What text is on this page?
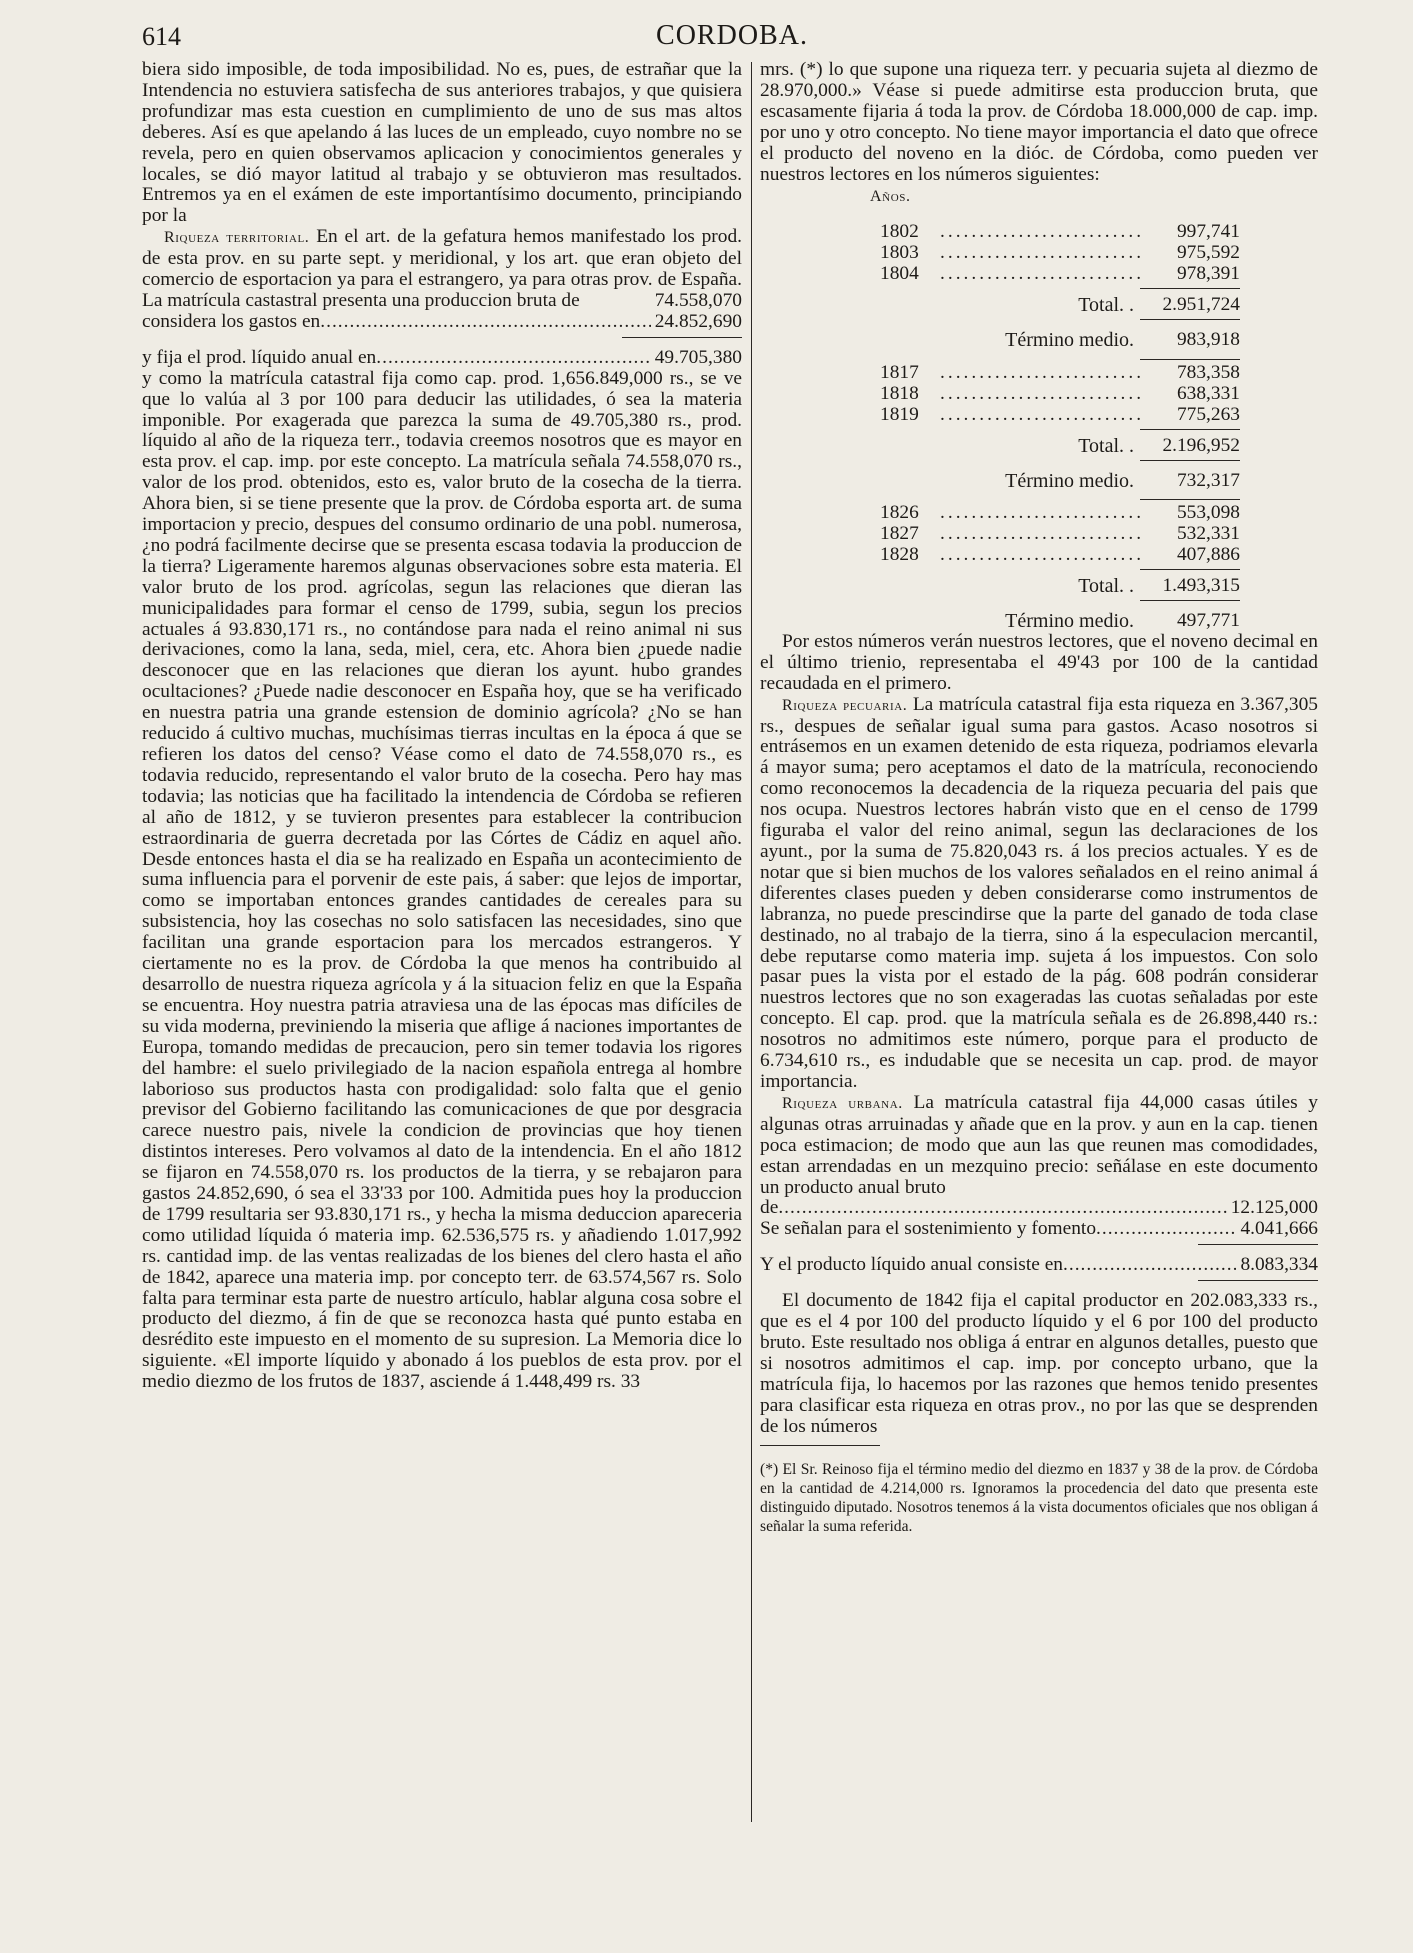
614	CORDOBA.

biera sido imposible, de toda imposibilidad. No es, pues, de estrañar que la Intendencia no estuviera satisfecha de sus anteriores trabajos, y que quisiera profundizar mas esta cuestion en cumplimiento de uno de sus mas altos deberes. Así es que apelando á las luces de un empleado, cuyo nombre no se revela, pero en quien observamos aplicacion y conocimientos generales y locales, se dió mayor latitud al trabajo y se obtuvieron mas resultados. Entremos ya en el exámen de este importantísimo documento, principiando por la

Riqueza territorial. En el art. de la gefatura hemos manifestado los prod. de esta prov. en su parte sept. y meridional, y los art. que eran objeto del comercio de esportacion ya para el estrangero, ya para otras prov. de España. La matrícula castastral presenta una produccion bruta de	74.558,070

considera los gastos en .....	24.852,690
y fija el prod. líquido anual en .....	49.705,380

y como la matrícula catastral fija como cap. prod. 1,656.849,000 rs., se ve que lo valúa al 3 por 100 para deducir las utilidades, ó sea la materia imponible. Por exagerada que parezca la suma de 49.705,380 rs., prod. líquido al año de la riqueza terr., todavia creemos nosotros que es mayor en esta prov. el cap. imp. por este concepto. La matrícula señala 74.558,070 rs., valor de los prod. obtenidos, esto es, valor bruto de la cosecha de la tierra. Ahora bien, si se tiene presente que la prov. de Córdoba esporta art. de suma importacion y precio, despues del consumo ordinario de una pobl. numerosa, ¿no podrá facilmente decirse que se presenta escasa todavia la produccion de la tierra? Ligeramente haremos algunas observaciones sobre esta materia. El valor bruto de los prod. agrícolas, segun las relaciones que dieran las municipalidades para formar el censo de 1799, subia, segun los precios actuales á 93.830,171 rs., no contándose para nada el reino animal ni sus derivaciones, como la lana, seda, miel, cera, etc. Ahora bien ¿puede nadie desconocer que en las relaciones que dieran los ayunt. hubo grandes ocultaciones? ¿Puede nadie desconocer en España hoy, que se ha verificado en nuestra patria una grande estension de dominio agrícola? ¿No se han reducido á cultivo muchas, muchísimas tierras incultas en la época á que se refieren los datos del censo? Véase como el dato de 74.558,070 rs., es todavia reducido, representando el valor bruto de la cosecha. Pero hay mas todavia; las noticias que ha facilitado la intendencia de Córdoba se refieren al año de 1812, y se tuvieron presentes para establecer la contribucion estraordinaria de guerra decretada por las Córtes de Cádiz en aquel año. Desde entonces hasta el dia se ha realizado en España un acontecimiento de suma influencia para el porvenir de este pais, á saber: que lejos de importar, como se importaban entonces grandes cantidades de cereales para su subsistencia, hoy las cosechas no solo satisfacen las necesidades, sino que facilitan una grande esportacion para los mercados estrangeros. Y ciertamente no es la prov. de Córdoba la que menos ha contribuido al desarrollo de nuestra riqueza agrícola y á la situacion feliz en que la España se encuentra. Hoy nuestra patria atraviesa una de las épocas mas difíciles de su vida moderna, previniendo la miseria que aflige á naciones importantes de Europa, tomando medidas de precaucion, pero sin temer todavia los rigores del hambre: el suelo privilegiado de la nacion española entrega al hombre laborioso sus productos hasta con prodigalidad: solo falta que el genio previsor del Gobierno facilitando las comunicaciones de que por desgracia carece nuestro pais, nivele la condicion de provincias que hoy tienen distintos intereses. Pero volvamos al dato de la intendencia. En el año 1812 se fijaron en 74.558,070 rs. los productos de la tierra, y se rebajaron para gastos 24.852,690, ó sea el 33'33 por 100. Admitida pues hoy la produccion de 1799 resultaria ser 93.830,171 rs., y hecha la misma deduccion apareceria como utilidad líquida ó materia imp. 62.536,575 rs. y añadiendo 1.017,992 rs. cantidad imp. de las ventas realizadas de los bienes del clero hasta el año de 1842, aparece una materia imp. por concepto terr. de 63.574,567 rs. Solo falta para terminar esta parte de nuestro artículo, hablar alguna cosa sobre el producto del diezmo, á fin de que se reconozca hasta qué punto estaba en desrédito este impuesto en el momento de su supresion. La Memoria dice lo siguiente. «El importe líquido y abonado á los pueblos de esta prov. por el medio diezmo de los frutos de 1837, asciende á 1.448,499 rs. 33

mrs. (*) lo que supone una riqueza terr. y pecuaria sujeta al diezmo de 28.970,000.» Véase si puede admitirse esta produccion bruta, que escasamente fijaria á toda la prov. de Córdoba 18.000,000 de cap. imp. por uno y otro concepto. No tiene mayor importancia el dato que ofrece el producto del noveno en la dióc. de Córdoba, como pueden ver nuestros lectores en los números siguientes:

Años.
1802 .....	997,741
1803 .....	975,592
1804 .....	978,391
Total. .	2.951,724
Término medio.	983,918
1817 .....	783,358
1818 .....	638,331
1819 .....	775,263
Total. .	2.196,952
Término medio.	732,317
1826 .....	553,098
1827 .....	532,331
1828 .....	407,886
Total. .	1.493,315
Término medio.	497,771

Por estos números verán nuestros lectores, que el noveno decimal en el último trienio, representaba el 49'43 por 100 de la cantidad recaudada en el primero.

Riqueza pecuaria. La matrícula catastral fija esta riqueza en 3.367,305 rs., despues de señalar igual suma para gastos. Acaso nosotros si entrásemos en un examen detenido de esta riqueza, podriamos elevarla á mayor suma; pero aceptamos el dato de la matrícula, reconociendo como reconocemos la decadencia de la riqueza pecuaria del pais que nos ocupa. Nuestros lectores habrán visto que en el censo de 1799 figuraba el valor del reino animal, segun las declaraciones de los ayunt., por la suma de 75.820,043 rs. á los precios actuales. Y es de notar que si bien muchos de los valores señalados en el reino animal á diferentes clases pueden y deben considerarse como instrumentos de labranza, no puede prescindirse que la parte del ganado de toda clase destinado, no al trabajo de la tierra, sino á la especulacion mercantil, debe reputarse como materia imp. sujeta á los impuestos. Con solo pasar pues la vista por el estado de la pág. 608 podrán considerar nuestros lectores que no son exageradas las cuotas señaladas por este concepto. El cap. prod. que la matrícula señala es de 26.898,440 rs.: nosotros no admitimos este número, porque para el producto de 6.734,610 rs., es indudable que se necesita un cap. prod. de mayor importancia.

Riqueza urbana. La matrícula catastral fija 44,000 casas útiles y algunas otras arruinadas y añade que en la prov. y aun en la cap. tienen poca estimacion; de modo que aun las que reunen mas comodidades, estan arrendadas en un mezquino precio: señálase en este documento un producto anual bruto

de .....	12.125,000
Se señalan para el sostenimiento y fomento .....	4.041,666
Y el producto líquido anual consiste en .....	8.083,334

El documento de 1842 fija el capital productor en 202.083,333 rs., que es el 4 por 100 del producto líquido y el 6 por 100 del producto bruto. Este resultado nos obliga á entrar en algunos detalles, puesto que si nosotros admitimos el cap. imp. por concepto urbano, que la matrícula fija, lo hacemos por las razones que hemos tenido presentes para clasificar esta riqueza en otras prov., no por las que se desprenden de los números

(*) El Sr. Reinoso fija el término medio del diezmo en 1837 y 38 de la prov. de Córdoba en la cantidad de 4.214,000 rs. Ignoramos la procedencia del dato que presenta este distinguido diputado. Nosotros tenemos á la vista documentos oficiales que nos obligan á señalar la suma referida.
